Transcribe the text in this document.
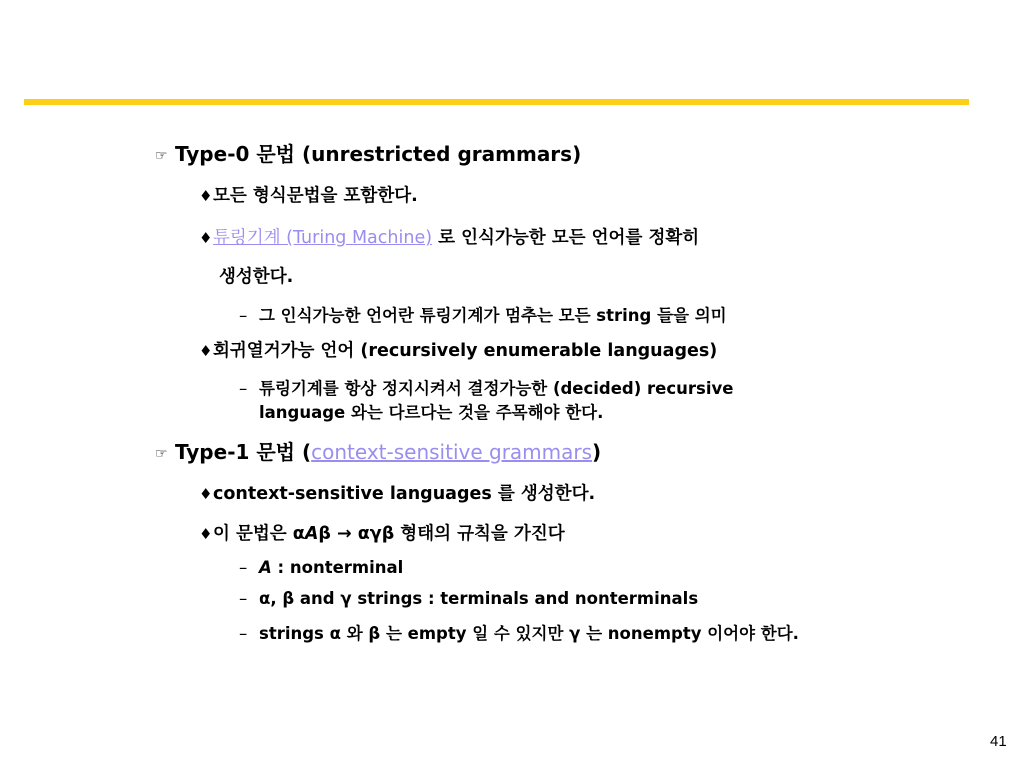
☞ Type-0 문법 (unrestricted grammars)
♦모든 형식문법을 포함한다.
♦튜링기계 (Turing Machine) 로 인식가능한 모든 언어를 정확히
생성한다.
– 그 인식가능한 언어란 튜링기계가 멈추는 모든 string 들을 의미
♦회귀열거가능 언어 (recursively enumerable languages)
– 튜링기계를 항상 정지시켜서 결정가능한 (decided) recursive
language 와는 다르다는 것을 주목해야 한다.
☞ Type-1 문법 (context-sensitive grammars)
♦context-sensitive languages 를 생성한다.
♦이 문법은 αAβ → αγβ 형태의 규칙을 가진다
– A : nonterminal
– α, β and γ strings : terminals and nonterminals
– strings α 와 β 는 empty 일 수 있지만 γ 는 nonempty 이어야 한다.
41
